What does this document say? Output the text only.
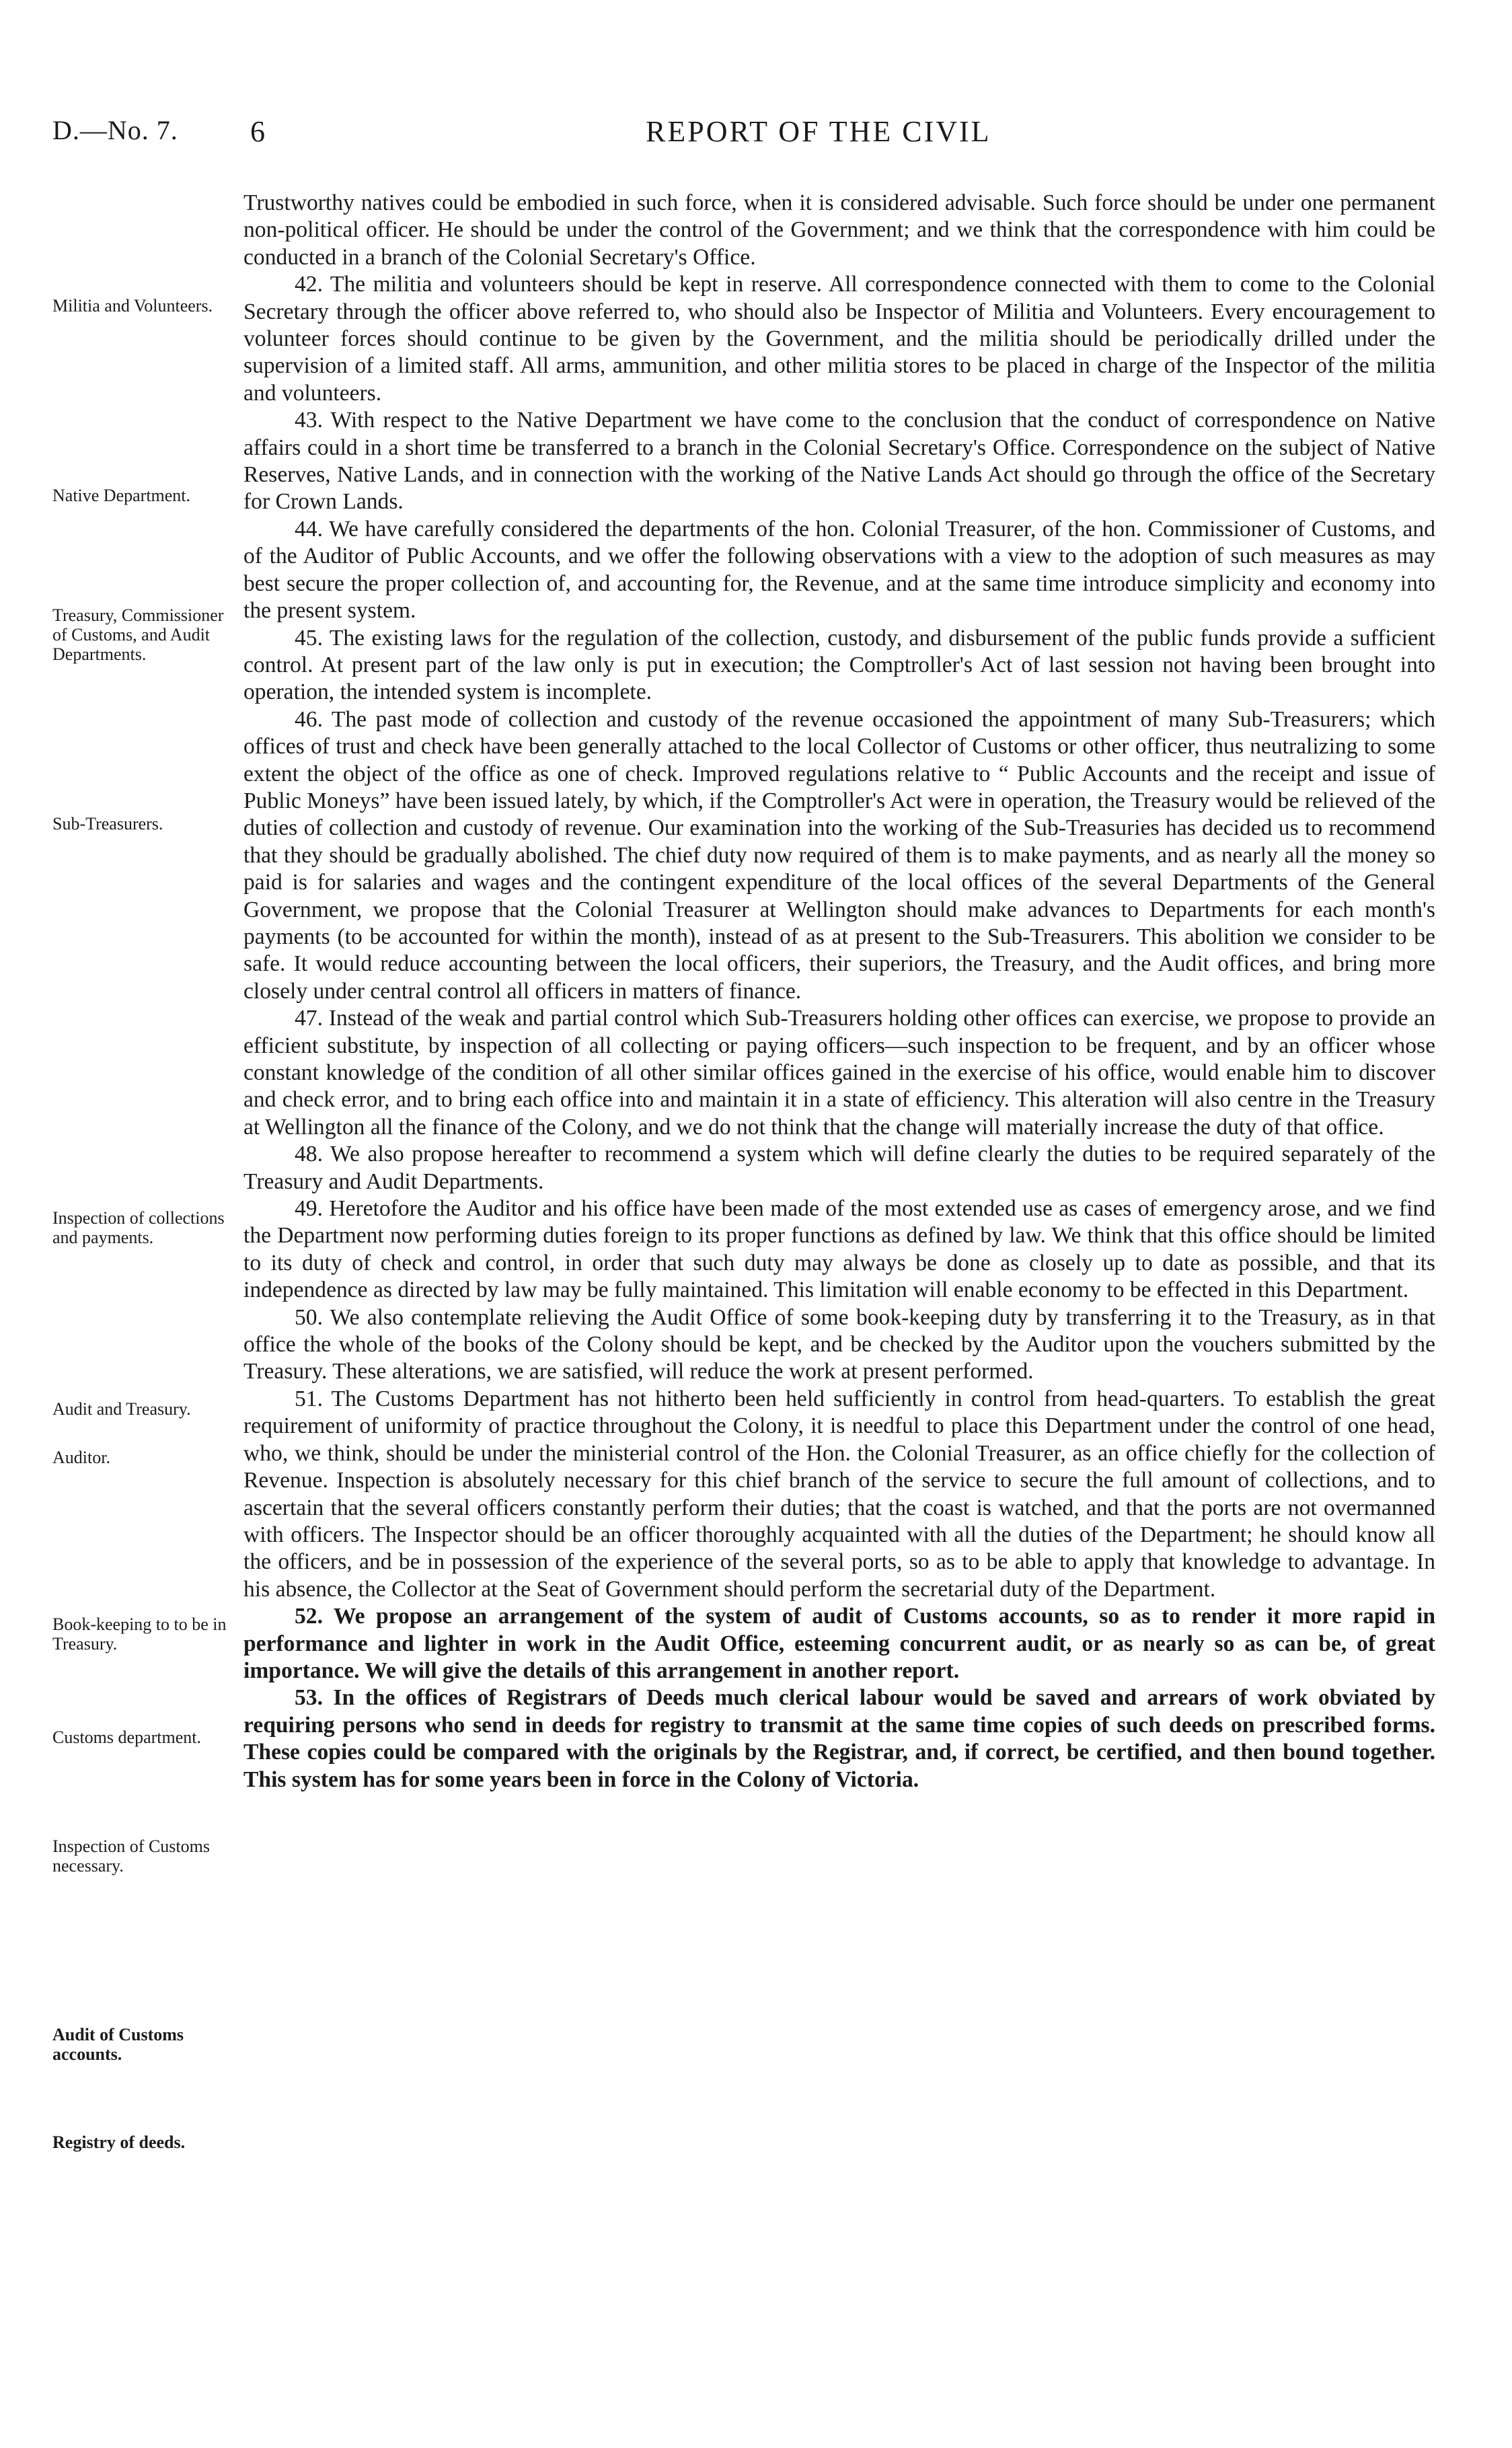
D.—No. 7. 6	REPORT OF THE CIVIL
Militia and Volunteers.
Native Department.
Treasury, Commissioner of Customs, and Audit Departments.
Sub-Treasurers.
Inspection of collections and payments.
Audit and Treasury.
Auditor.
Book-keeping to to be in Treasury.
Customs department.
Inspection of Customs necessary.
Audit of Customs accounts.
Registry of deeds.

Trustworthy natives could be embodied in such force, when it is considered advisable. Such force should be under one permanent non-political officer. He should be under the control of the Government; and we think that the correspondence with him could be conducted in a branch of the Colonial Secretary's Office.

42. The militia and volunteers should be kept in reserve. All correspondence connected with them to come to the Colonial Secretary through the officer above referred to, who should also be Inspector of Militia and Volunteers. Every encouragement to volunteer forces should continue to be given by the Government, and the militia should be periodically drilled under the supervision of a limited staff. All arms, ammunition, and other militia stores to be placed in charge of the Inspector of the militia and volunteers.

43. With respect to the Native Department we have come to the conclusion that the conduct of correspondence on Native affairs could in a short time be transferred to a branch in the Colonial Secretary's Office. Correspondence on the subject of Native Reserves, Native Lands, and in connection with the working of the Native Lands Act should go through the office of the Secretary for Crown Lands.

44. We have carefully considered the departments of the hon. Colonial Treasurer, of the hon. Commissioner of Customs, and of the Auditor of Public Accounts, and we offer the following observations with a view to the adoption of such measures as may best secure the proper collection of, and accounting for, the Revenue, and at the same time introduce simplicity and economy into the present system.

45. The existing laws for the regulation of the collection, custody, and disbursement of the public funds provide a sufficient control. At present part of the law only is put in execution; the Comptroller's Act of last session not having been brought into operation, the intended system is incomplete.

46. The past mode of collection and custody of the revenue occasioned the appointment of many Sub-Treasurers; which offices of trust and check have been generally attached to the local Collector of Customs or other officer, thus neutralizing to some extent the object of the office as one of check. Improved regulations relative to “ Public Accounts and the receipt and issue of Public Moneys” have been issued lately, by which, if the Comptroller's Act were in operation, the Treasury would be relieved of the duties of collection and custody of revenue. Our examination into the working of the Sub-Treasuries has decided us to recommend that they should be gradually abolished. The chief duty now required of them is to make payments, and as nearly all the money so paid is for salaries and wages and the contingent expenditure of the local offices of the several Departments of the General Government, we propose that the Colonial Treasurer at Wellington should make advances to Departments for each month's payments (to be accounted for within the month), instead of as at present to the Sub-Treasurers. This abolition we consider to be safe. It would reduce accounting between the local officers, their superiors, the Treasury, and the Audit offices, and bring more closely under central control all officers in matters of finance.

47. Instead of the weak and partial control which Sub-Treasurers holding other offices can exercise, we propose to provide an efficient substitute, by inspection of all collecting or paying officers—such inspection to be frequent, and by an officer whose constant knowledge of the condition of all other similar offices gained in the exercise of his office, would enable him to discover and check error, and to bring each office into and maintain it in a state of efficiency. This alteration will also centre in the Treasury at Wellington all the finance of the Colony, and we do not think that the change will materially increase the duty of that office.

48. We also propose hereafter to recommend a system which will define clearly the duties to be required separately of the Treasury and Audit Departments.

49. Heretofore the Auditor and his office have been made of the most extended use as cases of emergency arose, and we find the Department now performing duties foreign to its proper functions as defined by law. We think that this office should be limited to its duty of check and control, in order that such duty may always be done as closely up to date as possible, and that its independence as directed by law may be fully maintained. This limitation will enable economy to be effected in this Department.

50. We also contemplate relieving the Audit Office of some book-keeping duty by transferring it to the Treasury, as in that office the whole of the books of the Colony should be kept, and be checked by the Auditor upon the vouchers submitted by the Treasury. These alterations, we are satisfied, will reduce the work at present performed.

51. The Customs Department has not hitherto been held sufficiently in control from head-quarters. To establish the great requirement of uniformity of practice throughout the Colony, it is needful to place this Department under the control of one head, who, we think, should be under the ministerial control of the Hon. the Colonial Treasurer, as an office chiefly for the collection of Revenue. Inspection is absolutely necessary for this chief branch of the service to secure the full amount of collections, and to ascertain that the several officers constantly perform their duties; that the coast is watched, and that the ports are not overmanned with officers. The Inspector should be an officer thoroughly acquainted with all the duties of the Department; he should know all the officers, and be in possession of the experience of the several ports, so as to be able to apply that knowledge to advantage. In his absence, the Collector at the Seat of Government should perform the secretarial duty of the Department.

52. We propose an arrangement of the system of audit of Customs accounts, so as to render it more rapid in performance and lighter in work in the Audit Office, esteeming concurrent audit, or as nearly so as can be, of great importance. We will give the details of this arrangement in another report.

53. In the offices of Registrars of Deeds much clerical labour would be saved and arrears of work obviated by requiring persons who send in deeds for registry to transmit at the same time copies of such deeds on prescribed forms. These copies could be compared with the originals by the Registrar, and, if correct, be certified, and then bound together. This system has for some years been in force in the Colony of Victoria.
